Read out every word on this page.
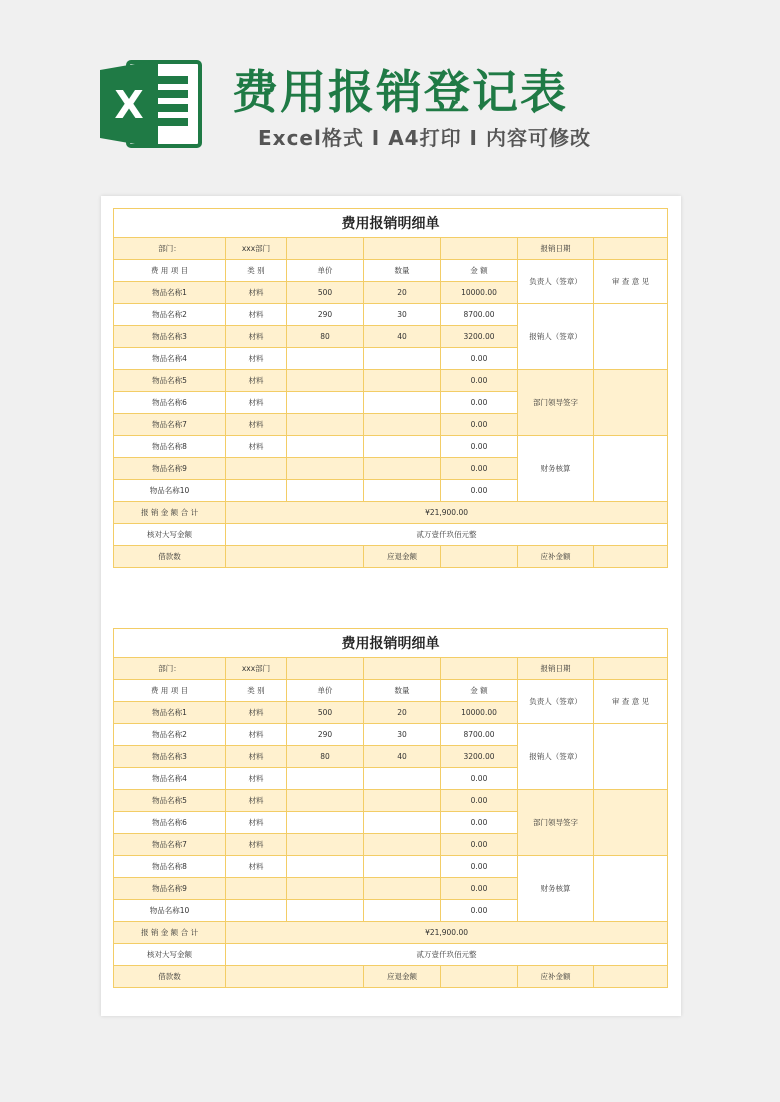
X 费用报销登记表
Excel格式 I A4打印 I 内容可修改
费用报销明细单						
部门：	xxx部门				报销日期	
费 用 项 目	类 别	单价	数量	金 额	负责人（签章）	审 查 意 见
物品名称1	材料	500	20	10000.00		
物品名称2	材料	290	30	8700.00	报销人（签章）	
物品名称3	材料	80	40	3200.00		
物品名称4	材料			0.00		
物品名称5	材料			0.00	部门领导签字	
物品名称6	材料			0.00		
物品名称7	材料			0.00		
物品名称8	材料			0.00	财务核算	
物品名称9				0.00		
物品名称10				0.00		
报 销 金 额 合 计	¥21,900.00					
核对大写金额	贰万壹仟玖佰元整					
借款数			应退金额		应补金额	
费用报销明细单						
部门：	xxx部门				报销日期	
费 用 项 目	类 别	单价	数量	金 额	负责人（签章）	审 查 意 见
物品名称1	材料	500	20	10000.00		
物品名称2	材料	290	30	8700.00	报销人（签章）	
物品名称3	材料	80	40	3200.00		
物品名称4	材料			0.00		
物品名称5	材料			0.00	部门领导签字	
物品名称6	材料			0.00		
物品名称7	材料			0.00		
物品名称8	材料			0.00	财务核算	
物品名称9				0.00		
物品名称10				0.00		
报 销 金 额 合 计	¥21,900.00					
核对大写金额	贰万壹仟玖佰元整					
借款数			应退金额		应补金额	
